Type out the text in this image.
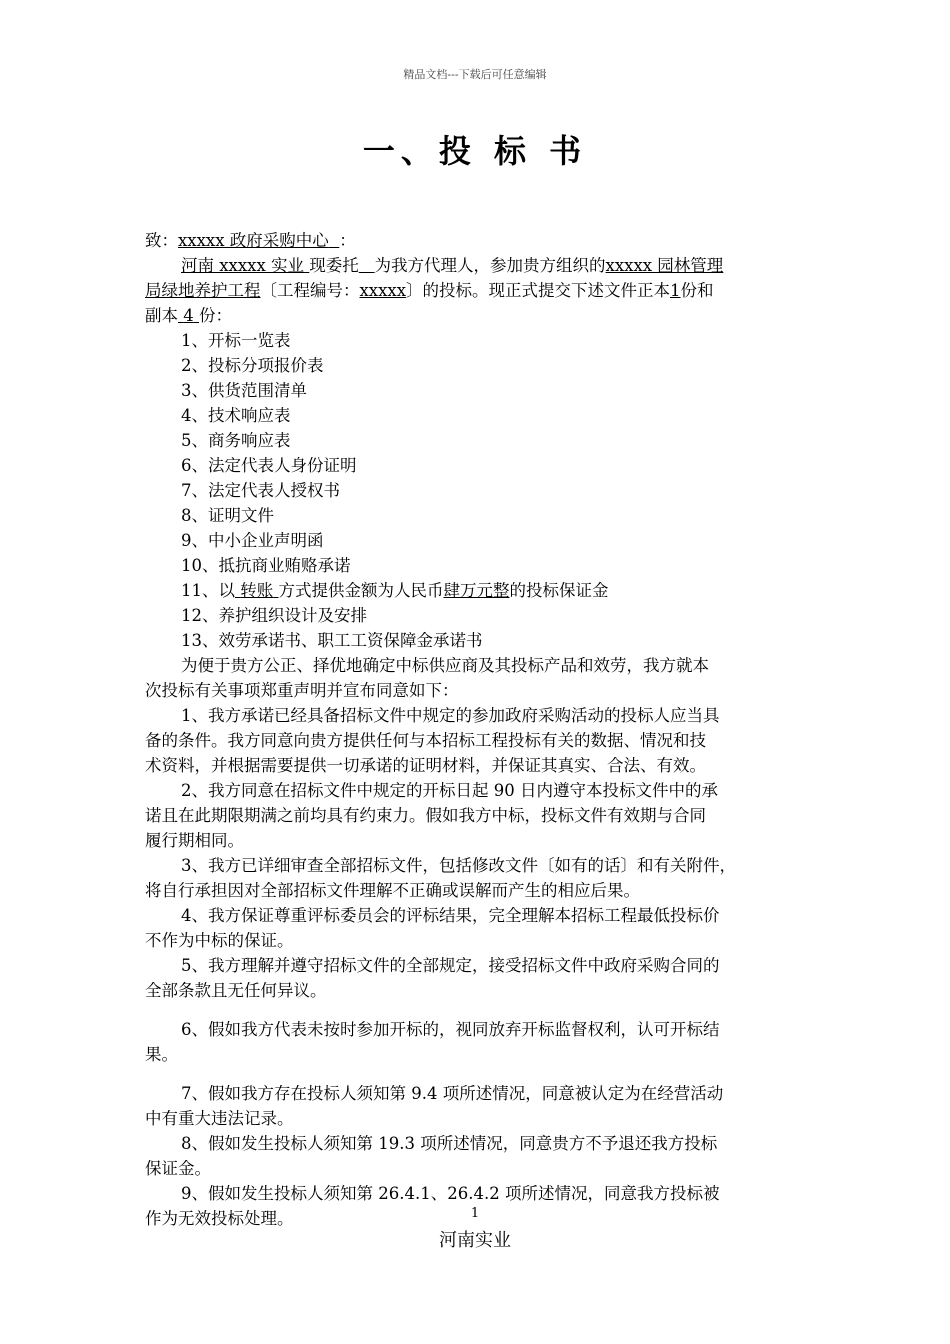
精品文档---下载后可任意编辑
一、投 标 书
致：xxxxx 政府采购中心 ：
河南 xxxxx 实业 现委托 为我方代理人，参加贵方组织的xxxxx 园林管理
局绿地养护工程〔工程编号：xxxxx〕的投标。现正式提交下述文件正本1份和
副本 4 份：
1、开标一览表
2、投标分项报价表
3、供货范围清单
4、技术响应表
5、商务响应表
6、法定代表人身份证明
7、法定代表人授权书
8、证明文件
9、中小企业声明函
10、抵抗商业贿赂承诺
11、以 转账 方式提供金额为人民币肆万元整的投标保证金
12、养护组织设计及安排
13、效劳承诺书、职工工资保障金承诺书
为便于贵方公正、择优地确定中标供应商及其投标产品和效劳，我方就本
次投标有关事项郑重声明并宣布同意如下：
1、我方承诺已经具备招标文件中规定的参加政府采购活动的投标人应当具
备的条件。我方同意向贵方提供任何与本招标工程投标有关的数据、情况和技
术资料，并根据需要提供一切承诺的证明材料，并保证其真实、合法、有效。
2、我方同意在招标文件中规定的开标日起 90 日内遵守本投标文件中的承
诺且在此期限期满之前均具有约束力。假如我方中标，投标文件有效期与合同
履行期相同。
3、我方已详细审查全部招标文件，包括修改文件〔如有的话〕和有关附件，
将自行承担因对全部招标文件理解不正确或误解而产生的相应后果。
4、我方保证尊重评标委员会的评标结果，完全理解本招标工程最低投标价
不作为中标的保证。
5、我方理解并遵守招标文件的全部规定，接受招标文件中政府采购合同的
全部条款且无任何异议。
6、假如我方代表未按时参加开标的，视同放弃开标监督权利，认可开标结
果。
7、假如我方存在投标人须知第 9.4 项所述情况，同意被认定为在经营活动
中有重大违法记录。
8、假如发生投标人须知第 19.3 项所述情况，同意贵方不予退还我方投标
保证金。
9、假如发生投标人须知第 26.4.1、26.4.2 项所述情况，同意我方投标被
作为无效投标处理。	1
河南实业
